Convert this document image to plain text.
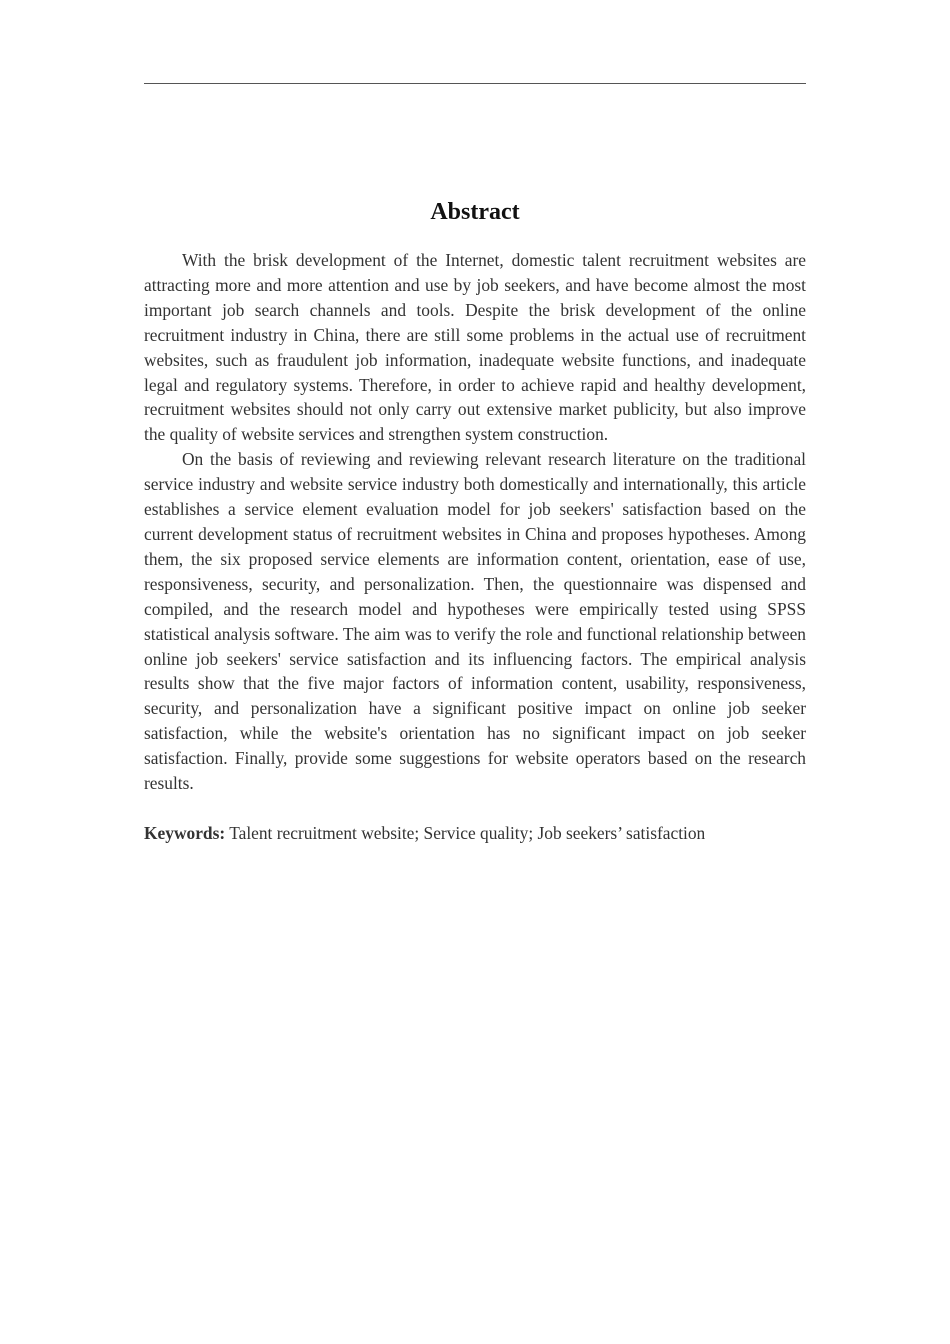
Abstract

With the brisk development of the Internet, domestic talent recruitment websites are attracting more and more attention and use by job seekers, and have become almost the most important job search channels and tools. Despite the brisk development of the online recruitment industry in China, there are still some problems in the actual use of recruitment websites, such as fraudulent job information, inadequate website functions, and inadequate legal and regulatory systems. Therefore, in order to achieve rapid and healthy development, recruitment websites should not only carry out extensive market publicity, but also improve the quality of website services and strengthen system construction.

On the basis of reviewing and reviewing relevant research literature on the traditional service industry and website service industry both domestically and internationally, this article establishes a service element evaluation model for job seekers' satisfaction based on the current development status of recruitment websites in China and proposes hypotheses. Among them, the six proposed service elements are information content, orientation, ease of use, responsiveness, security, and personalization. Then, the questionnaire was dispensed and compiled, and the research model and hypotheses were empirically tested using SPSS statistical analysis software. The aim was to verify the role and functional relationship between online job seekers' service satisfaction and its influencing factors. The empirical analysis results show that the five major factors of information content, usability, responsiveness, security, and personalization have a significant positive impact on online job seeker satisfaction, while the website's orientation has no significant impact on job seeker satisfaction. Finally, provide some suggestions for website operators based on the research results.

Keywords: Talent recruitment website; Service quality; Job seekers’ satisfaction
